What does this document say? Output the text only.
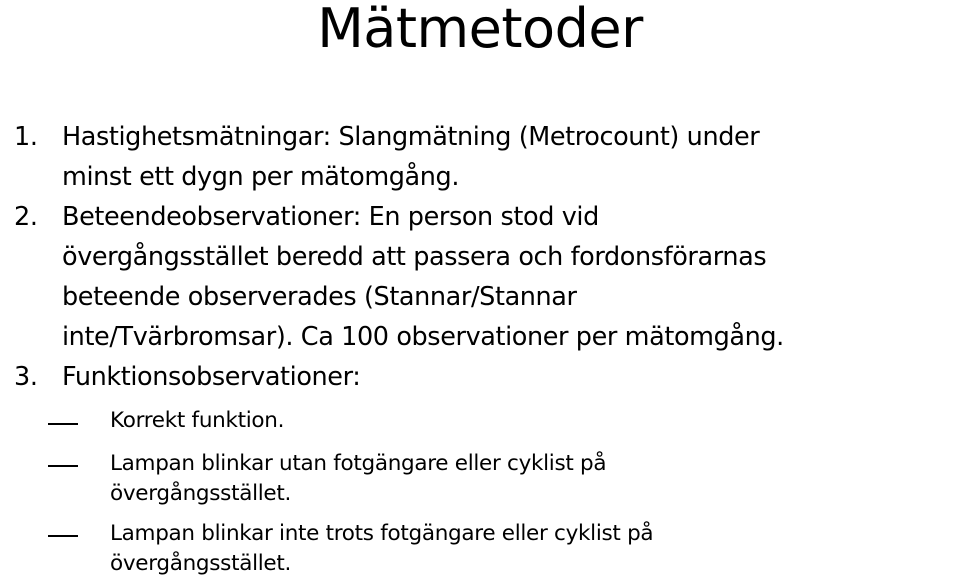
Mätmetoder
1. Hastighetsmätningar: Slangmätning (Metrocount) under
minst ett dygn per mätomgång.
2. Beteendeobservationer: En person stod vid
övergångsstället beredd att passera och fordonsförarnas
beteende observerades (Stannar/Stannar
inte/Tvärbromsar). Ca 100 observationer per mätomgång.
3. Funktionsobservationer:
Korrekt funktion.
Lampan blinkar utan fotgängare eller cyklist på
övergångsstället.
Lampan blinkar inte trots fotgängare eller cyklist på
övergångsstället.
